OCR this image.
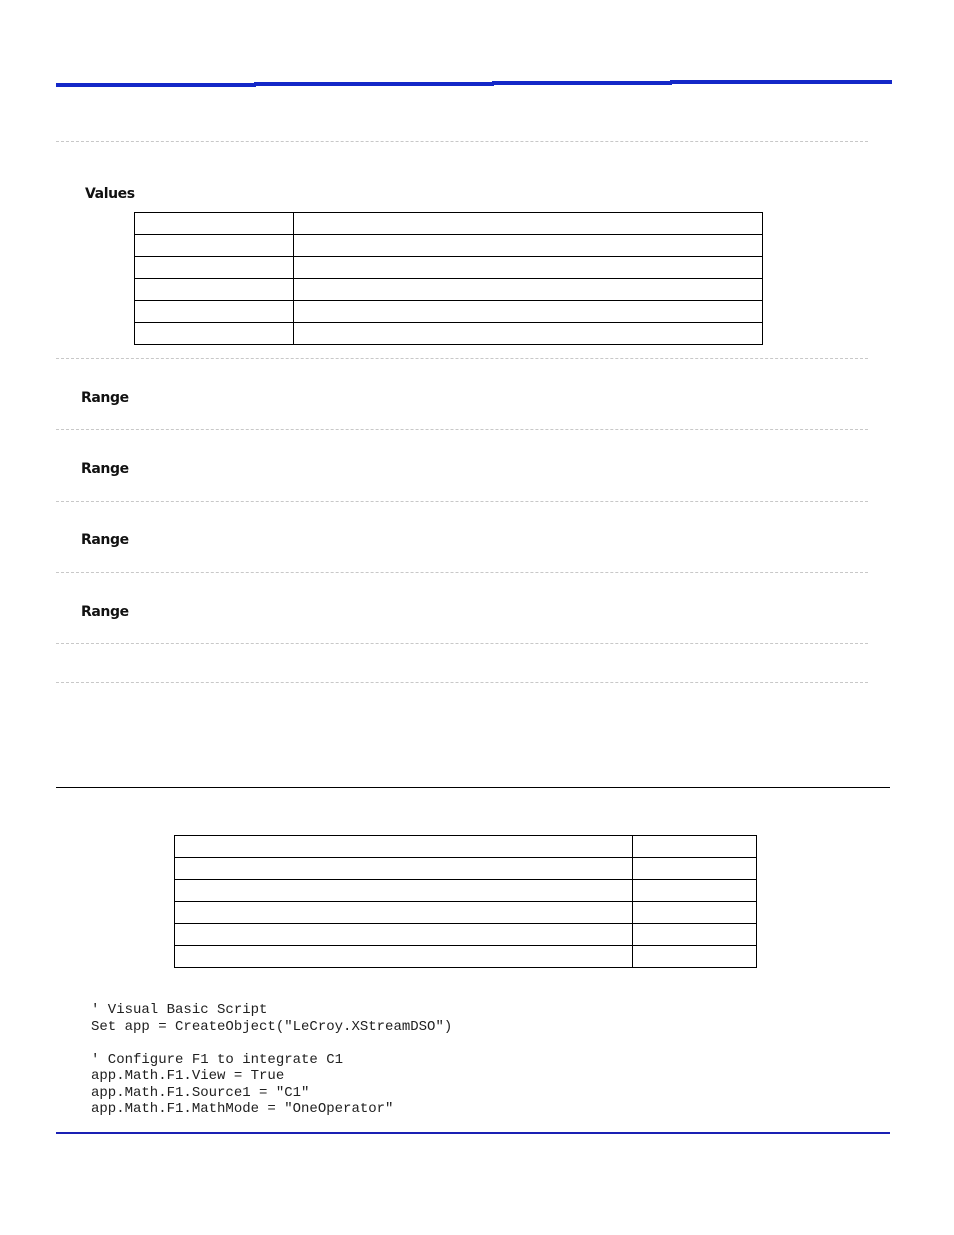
Values

Range
Range
Range
Range

' Visual Basic Script
Set app = CreateObject("LeCroy.XStreamDSO")
' Configure F1 to integrate C1
app.Math.F1.View = True
app.Math.F1.Source1 = "C1"
app.Math.F1.MathMode = "OneOperator"
